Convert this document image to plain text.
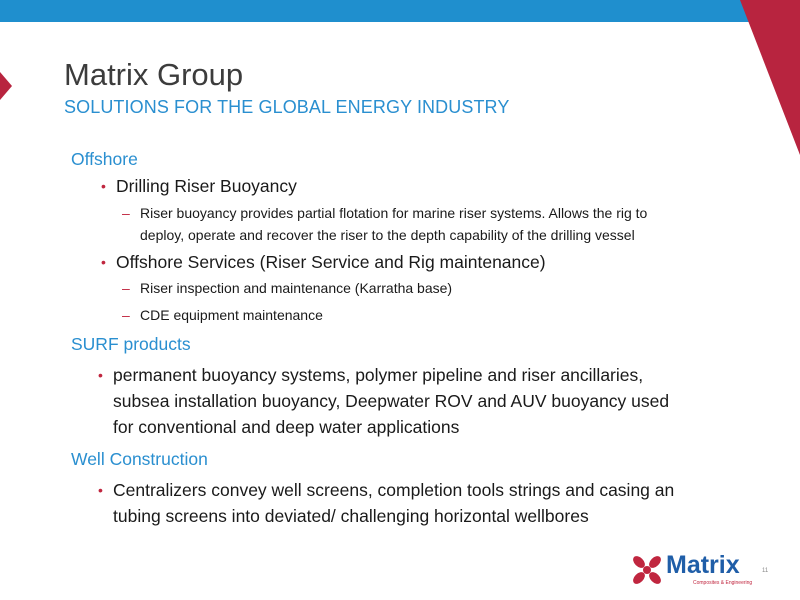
Matrix Group
SOLUTIONS FOR THE GLOBAL ENERGY INDUSTRY
Offshore
• Drilling Riser Buoyancy
– Riser buoyancy provides partial flotation for marine riser systems. Allows the rig to
deploy, operate and recover the riser to the depth capability of the drilling vessel
• Offshore Services (Riser Service and Rig maintenance)
– Riser inspection and maintenance (Karratha base)
– CDE equipment maintenance
SURF products
• permanent buoyancy systems, polymer pipeline and riser ancillaries,
subsea installation buoyancy, Deepwater ROV and AUV buoyancy used
for conventional and deep water applications
Well Construction
• Centralizers convey well screens, completion tools strings and casing an
tubing screens into deviated/ challenging horizontal wellbores
Matrix
Composites & Engineering
11
